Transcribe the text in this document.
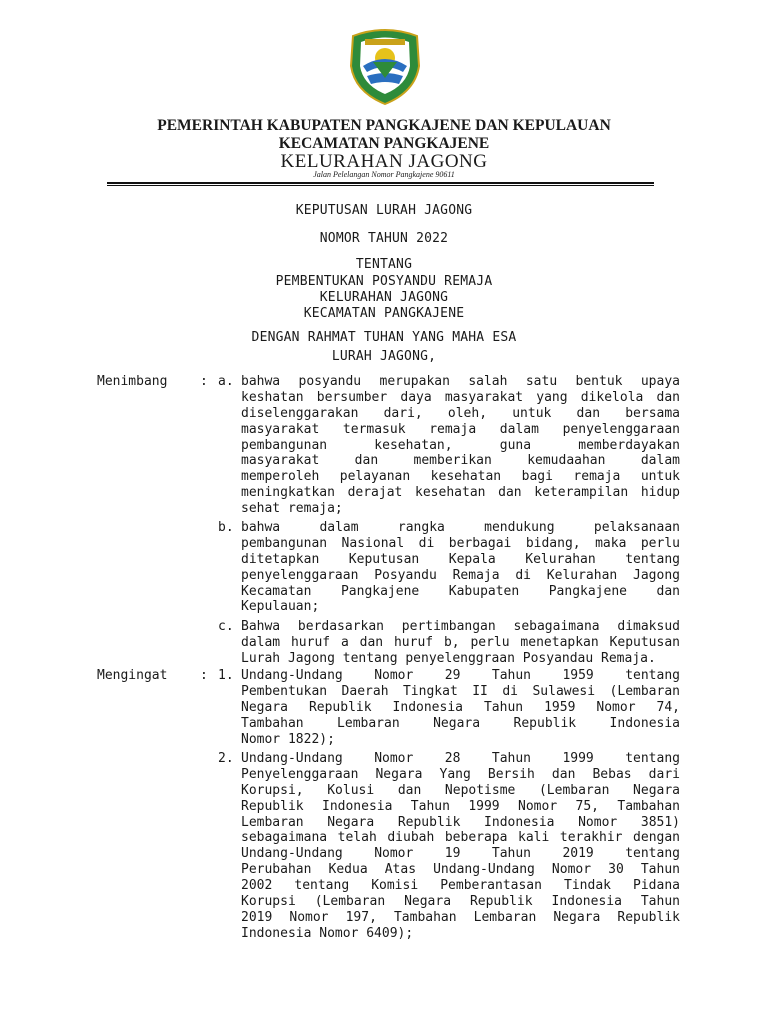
PEMERINTAH KABUPATEN PANGKAJENE DAN KEPULAUAN
KECAMATAN PANGKAJENE
KELURAHAN JAGONG
Jalan Pelelangan Nomor Pangkajene 90611
KEPUTUSAN LURAH JAGONG
NOMOR TAHUN 2022
TENTANG
PEMBENTUKAN POSYANDU REMAJA
KELURAHAN JAGONG
KECAMATAN PANGKAJENE
DENGAN RAHMAT TUHAN YANG MAHA ESA
LURAH JAGONG,
Menimbang	: a. bahwa posyandu merupakan salah satu bentuk upaya
keshatan bersumber daya masyarakat yang dikelola dan
diselenggarakan dari, oleh, untuk dan bersama
masyarakat termasuk remaja dalam penyelenggaraan
pembangunan kesehatan, guna memberdayakan
masyarakat dan memberikan kemudaahan dalam
memperoleh pelayanan kesehatan bagi remaja untuk
meningkatkan derajat kesehatan dan keterampilan hidup
sehat remaja;
b. bahwa dalam rangka mendukung pelaksanaan
pembangunan Nasional di berbagai bidang, maka perlu
ditetapkan Keputusan Kepala Kelurahan tentang
penyelenggaraan Posyandu Remaja di Kelurahan Jagong
Kecamatan Pangkajene Kabupaten Pangkajene dan
Kepulauan;
c. Bahwa berdasarkan pertimbangan sebagaimana dimaksud
dalam huruf a dan huruf b, perlu menetapkan Keputusan
Lurah Jagong tentang penyelenggraan Posyandau Remaja.
Mengingat	: 1. Undang-Undang Nomor 29 Tahun 1959 tentang
Pembentukan Daerah Tingkat II di Sulawesi (Lembaran
Negara Republik Indonesia Tahun 1959 Nomor 74,
Tambahan Lembaran Negara Republik Indonesia
Nomor 1822);
2. Undang-Undang Nomor 28 Tahun 1999 tentang
Penyelenggaraan Negara Yang Bersih dan Bebas dari
Korupsi, Kolusi dan Nepotisme (Lembaran Negara
Republik Indonesia Tahun 1999 Nomor 75, Tambahan
Lembaran Negara Republik Indonesia Nomor 3851)
sebagaimana telah diubah beberapa kali terakhir dengan
Undang-Undang Nomor 19 Tahun 2019 tentang
Perubahan Kedua Atas Undang-Undang Nomor 30 Tahun
2002 tentang Komisi Pemberantasan Tindak Pidana
Korupsi (Lembaran Negara Republik Indonesia Tahun
2019 Nomor 197, Tambahan Lembaran Negara Republik
Indonesia Nomor 6409);
